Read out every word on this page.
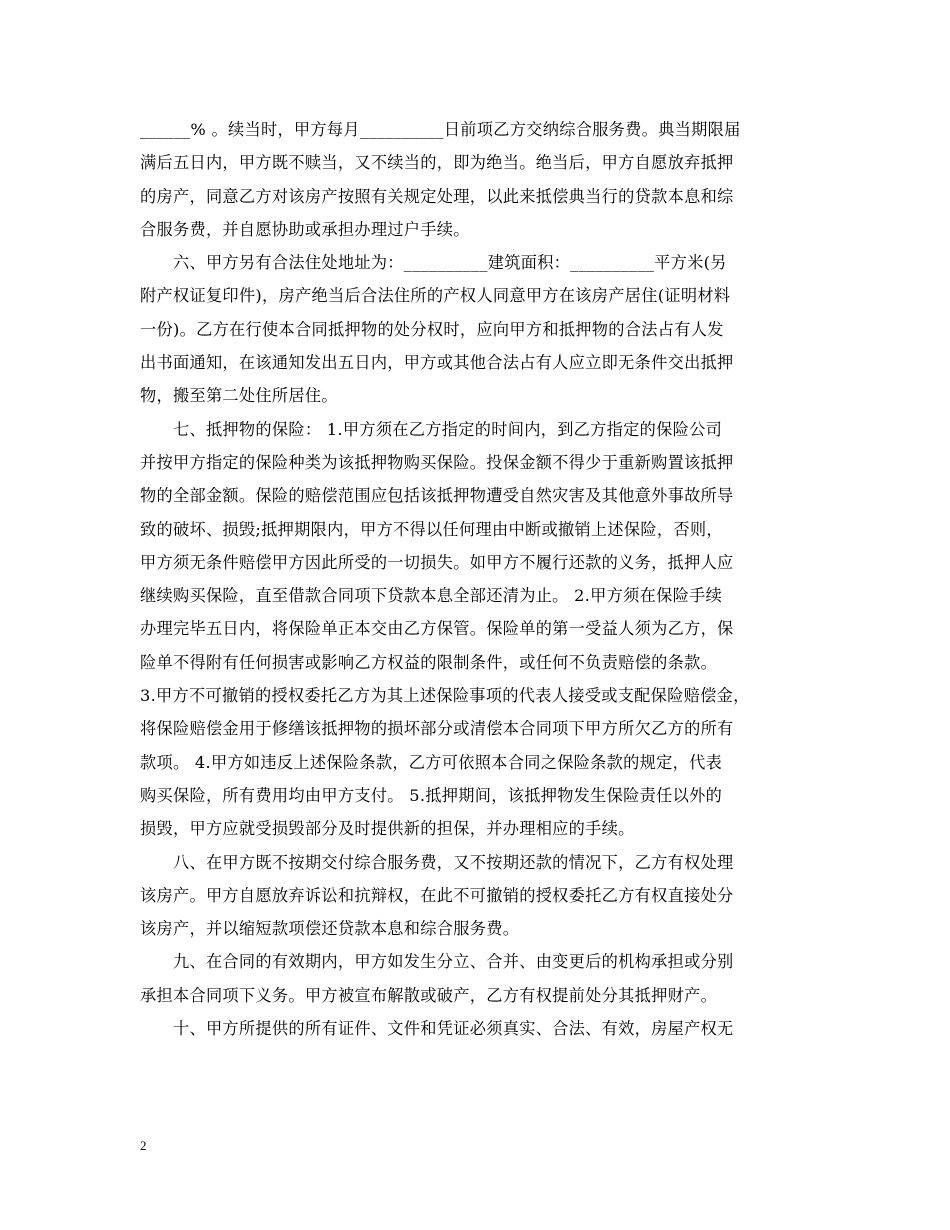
______% 。续当时，甲方每月__________日前项乙方交纳综合服务费。典当期限届
满后五日内，甲方既不赎当，又不续当的，即为绝当。绝当后，甲方自愿放弃抵押
的房产，同意乙方对该房产按照有关规定处理，以此来抵偿典当行的贷款本息和综
合服务费，并自愿协助或承担办理过户手续。

　　六、甲方另有合法住处地址为：__________建筑面积：__________平方米(另
附产权证复印件)，房产绝当后合法住所的产权人同意甲方在该房产居住(证明材料
一份)。乙方在行使本合同抵押物的处分权时，应向甲方和抵押物的合法占有人发
出书面通知，在该通知发出五日内，甲方或其他合法占有人应立即无条件交出抵押
物，搬至第二处住所居住。

　　七、抵押物的保险： 1.甲方须在乙方指定的时间内，到乙方指定的保险公司
并按甲方指定的保险种类为该抵押物购买保险。投保金额不得少于重新购置该抵押
物的全部金额。保险的赔偿范围应包括该抵押物遭受自然灾害及其他意外事故所导
致的破坏、损毁;抵押期限内，甲方不得以任何理由中断或撤销上述保险，否则，
甲方须无条件赔偿甲方因此所受的一切损失。如甲方不履行还款的义务，抵押人应
继续购买保险，直至借款合同项下贷款本息全部还清为止。 2.甲方须在保险手续
办理完毕五日内，将保险单正本交由乙方保管。保险单的第一受益人须为乙方，保
险单不得附有任何损害或影响乙方权益的限制条件，或任何不负责赔偿的条款。
3.甲方不可撤销的授权委托乙方为其上述保险事项的代表人接受或支配保险赔偿金，
将保险赔偿金用于修缮该抵押物的损坏部分或清偿本合同项下甲方所欠乙方的所有
款项。 4.甲方如违反上述保险条款，乙方可依照本合同之保险条款的规定，代表
购买保险，所有费用均由甲方支付。 5.抵押期间，该抵押物发生保险责任以外的
损毁，甲方应就受损毁部分及时提供新的担保，并办理相应的手续。

　　八、在甲方既不按期交付综合服务费，又不按期还款的情况下，乙方有权处理
该房产。甲方自愿放弃诉讼和抗辩权，在此不可撤销的授权委托乙方有权直接处分
该房产，并以缩短款项偿还贷款本息和综合服务费。

　　九、在合同的有效期内，甲方如发生分立、合并、由变更后的机构承担或分别
承担本合同项下义务。甲方被宣布解散或破产，乙方有权提前处分其抵押财产。

　　十、甲方所提供的所有证件、文件和凭证必须真实、合法、有效，房屋产权无

2
